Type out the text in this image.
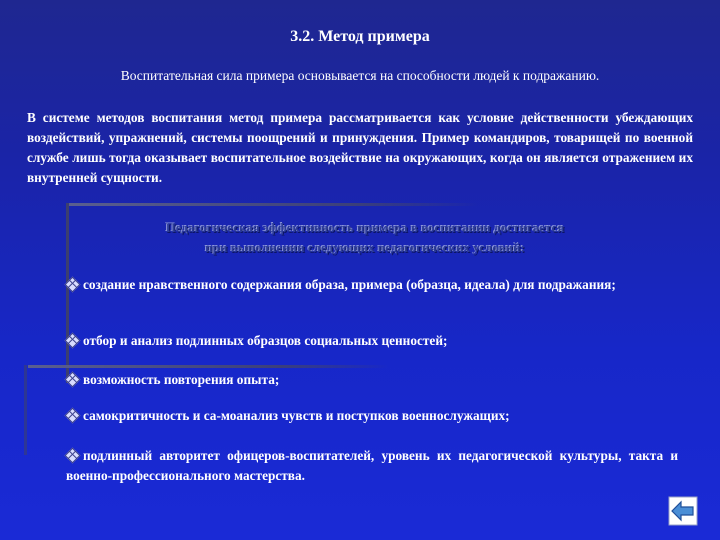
3.2. Метод примера
Воспитательная сила примера основывается на способности людей к подражанию.
В системе методов воспитания метод примера рассматривается как условие действенности убеждающих воздействий, упражнений, системы поощрений и принуждения. Пример командиров, товарищей по военной службе лишь тогда оказывает воспитательное воздействие на окружающих, когда он является отражением их внутренней сущности.
Педагогическая эффективность примера в воспитании достигается
при выполнении следующих педагогических условий:
создание нравственного содержания образа, примера (образца, идеала) для подражания;
отбор и анализ подлинных образцов социальных ценностей;
возможность повторения опыта;
самокритичность и са-моанализ чувств и поступков военнослужащих;
подлинный авторитет офицеров-воспитателей, уровень их педагогической культуры, такта и военно-профессионального мастерства.
